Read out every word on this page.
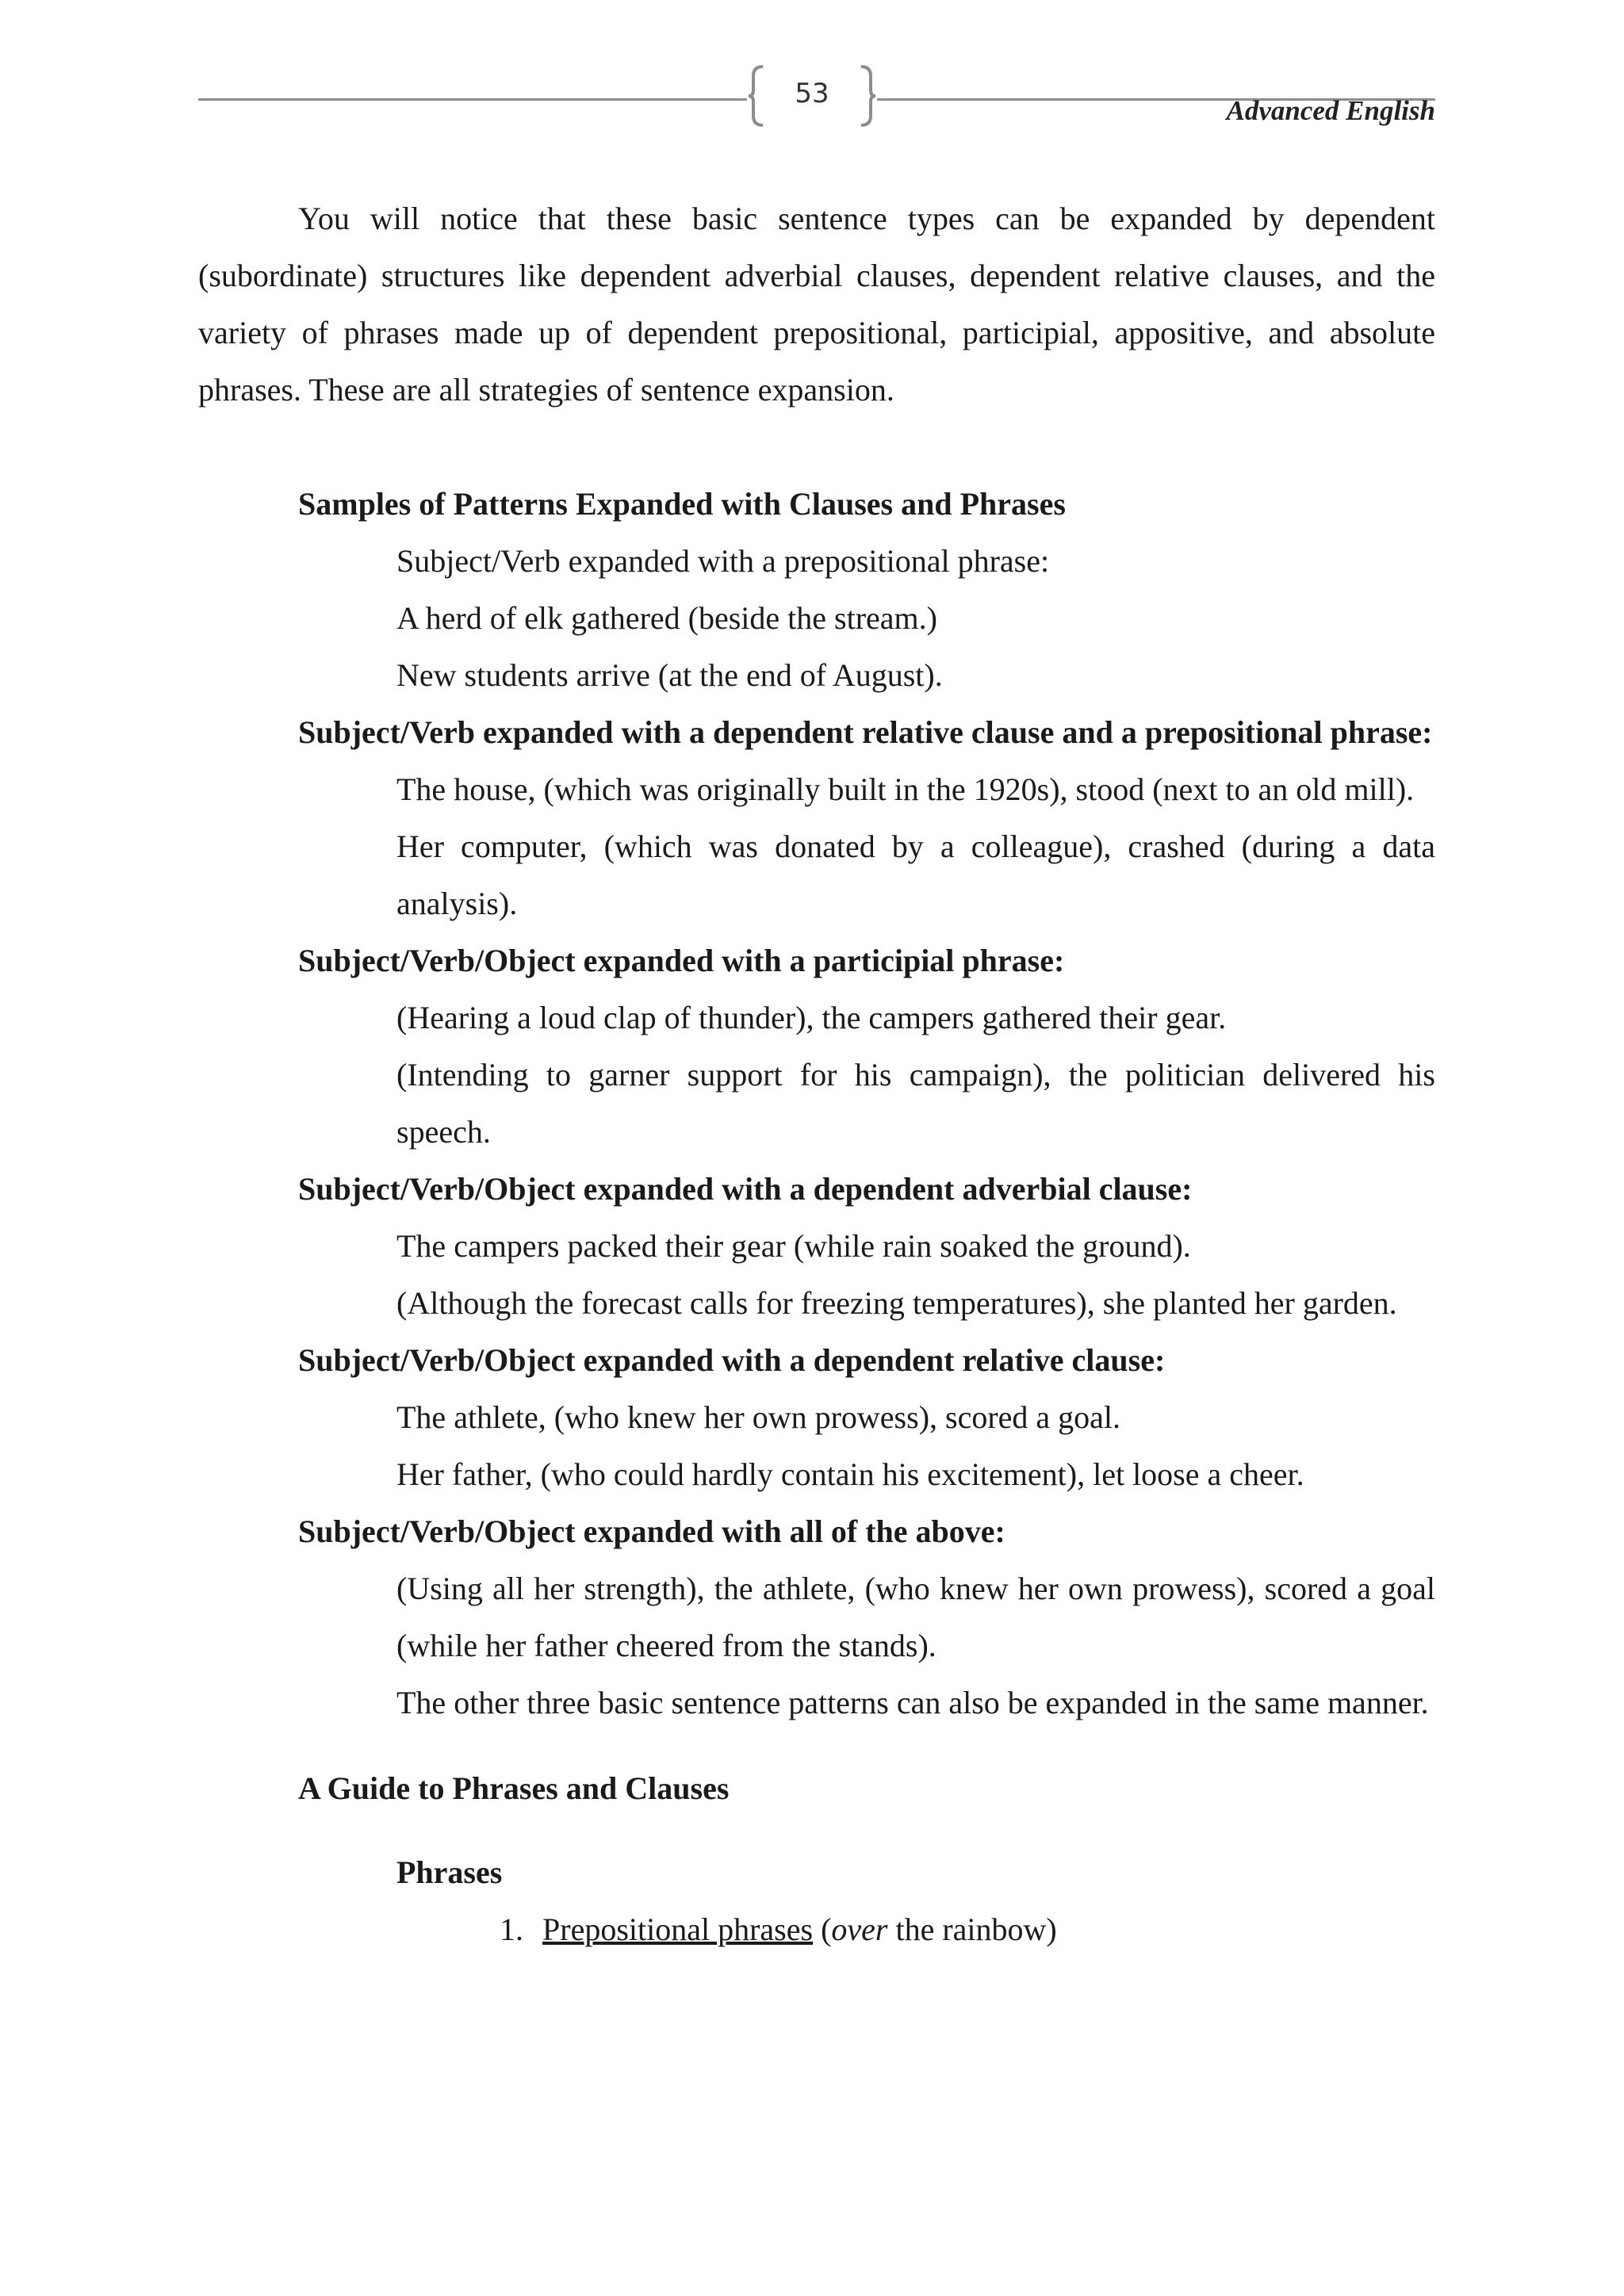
53
Advanced English

You will notice that these basic sentence types can be expanded by dependent (subordinate) structures like dependent adverbial clauses, dependent relative clauses, and the variety of phrases made up of dependent prepositional, participial, appositive, and absolute phrases. These are all strategies of sentence expansion.

Samples of Patterns Expanded with Clauses and Phrases

Subject/Verb expanded with a prepositional phrase:

A herd of elk gathered (beside the stream.)

New students arrive (at the end of August).

Subject/Verb expanded with a dependent relative clause and a prepositional phrase:

The house, (which was originally built in the 1920s), stood (next to an old mill).

Her computer, (which was donated by a colleague), crashed (during a data analysis).

Subject/Verb/Object expanded with a participial phrase:

(Hearing a loud clap of thunder), the campers gathered their gear.

(Intending to garner support for his campaign), the politician delivered his speech.

Subject/Verb/Object expanded with a dependent adverbial clause:

The campers packed their gear (while rain soaked the ground).

(Although the forecast calls for freezing temperatures), she planted her garden.

Subject/Verb/Object expanded with a dependent relative clause:

The athlete, (who knew her own prowess), scored a goal.

Her father, (who could hardly contain his excitement), let loose a cheer.

Subject/Verb/Object expanded with all of the above:

(Using all her strength), the athlete, (who knew her own prowess), scored a goal (while her father cheered from the stands).

The other three basic sentence patterns can also be expanded in the same manner.

A Guide to Phrases and Clauses

Phrases

1. Prepositional phrases (over the rainbow)
